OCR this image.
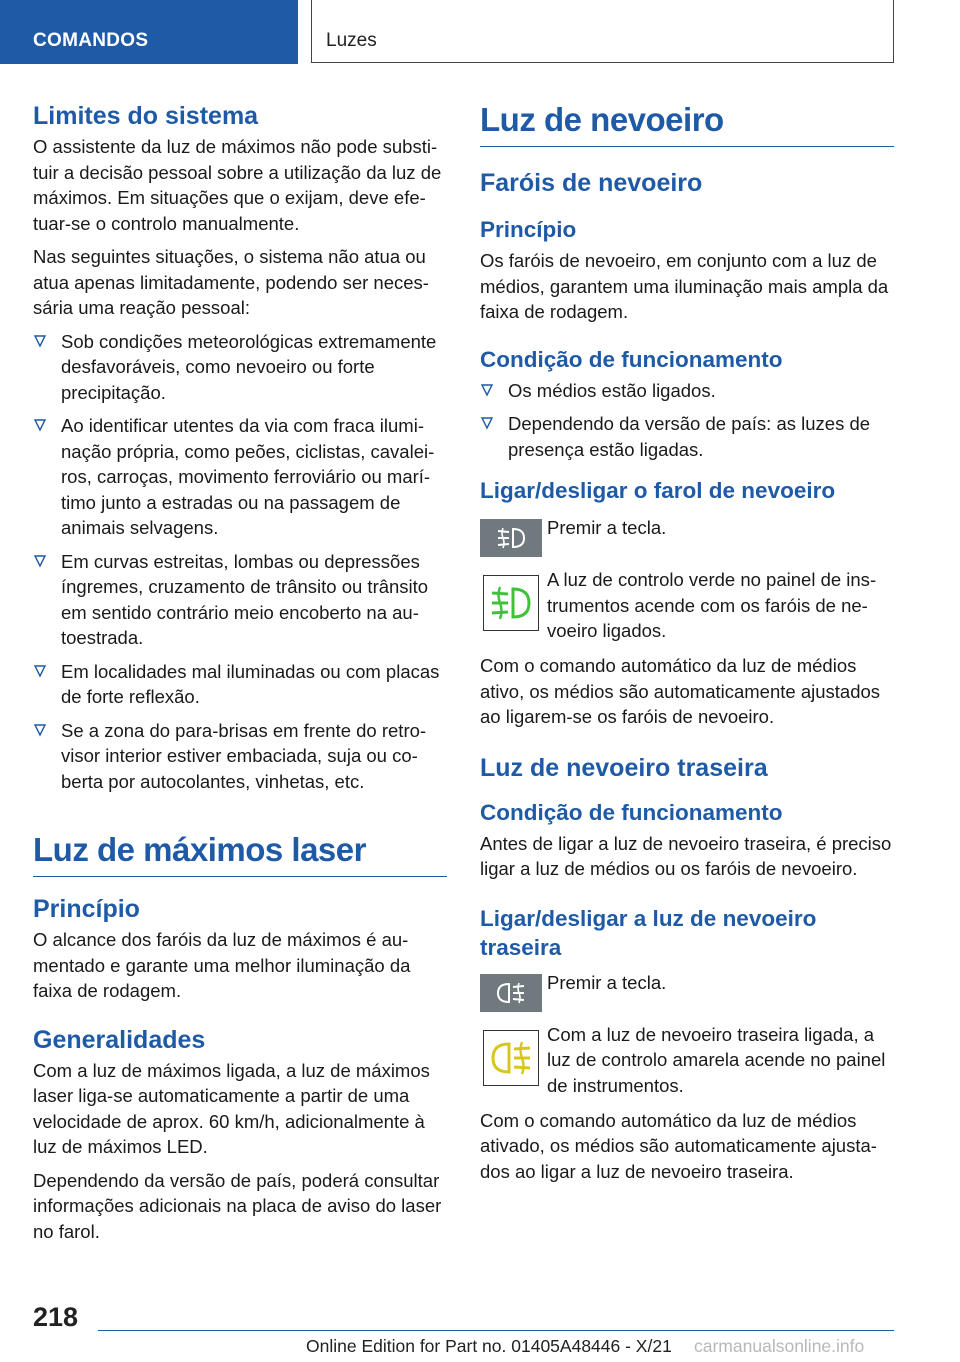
COMANDOS	Luzes
Limites do sistema

O assistente da luz de máximos não pode substituir a decisão pessoal sobre a utilização da luz de máximos. Em situações que o exijam, deve efetuar-se o controlo manualmente.

Nas seguintes situações, o sistema não atua ou atua apenas limitadamente, podendo ser necessária uma reação pessoal:

Sob condições meteorológicas extremamente desfavoráveis, como nevoeiro ou forte precipitação.
Ao identificar utentes da via com fraca iluminação própria, como peões, ciclistas, cavaleiros, carroças, movimento ferroviário ou marítimo junto a estradas ou na passagem de animais selvagens.
Em curvas estreitas, lombas ou depressões íngremes, cruzamento de trânsito ou trânsito em sentido contrário meio encoberto na autoestrada.
Em localidades mal iluminadas ou com placas de forte reflexão.
Se a zona do para-brisas em frente do retrovisor interior estiver embaciada, suja ou coberta por autocolantes, vinhetas, etc.
Luz de máximos laser
Princípio

O alcance dos faróis da luz de máximos é aumentado e garante uma melhor iluminação da faixa de rodagem.

Generalidades

Com a luz de máximos ligada, a luz de máximos laser liga-se automaticamente a partir de uma velocidade de aprox. 60 km/h, adicionalmente à luz de máximos LED.

Dependendo da versão de país, poderá consultar informações adicionais na placa de aviso do laser no farol.

Luz de nevoeiro
Faróis de nevoeiro
Princípio

Os faróis de nevoeiro, em conjunto com a luz de médios, garantem uma iluminação mais ampla da faixa de rodagem.

Condição de funcionamento
Os médios estão ligados.
Dependendo da versão de país: as luzes de presença estão ligadas.
Ligar/desligar o farol de nevoeiro
Premir a tecla.
A luz de controlo verde no painel de instrumentos acende com os faróis de nevoeiro ligados.

Com o comando automático da luz de médios ativo, os médios são automaticamente ajustados ao ligarem-se os faróis de nevoeiro.

Luz de nevoeiro traseira
Condição de funcionamento

Antes de ligar a luz de nevoeiro traseira, é preciso ligar a luz de médios ou os faróis de nevoeiro.

Ligar/desligar a luz de nevoeiro traseira
Premir a tecla.
Com a luz de nevoeiro traseira ligada, a luz de controlo amarela acende no painel de instrumentos.

Com o comando automático da luz de médios ativado, os médios são automaticamente ajustados ao ligar a luz de nevoeiro traseira.

218
Online Edition for Part no. 01405A48446 - X/21 carmanualsonline.info
